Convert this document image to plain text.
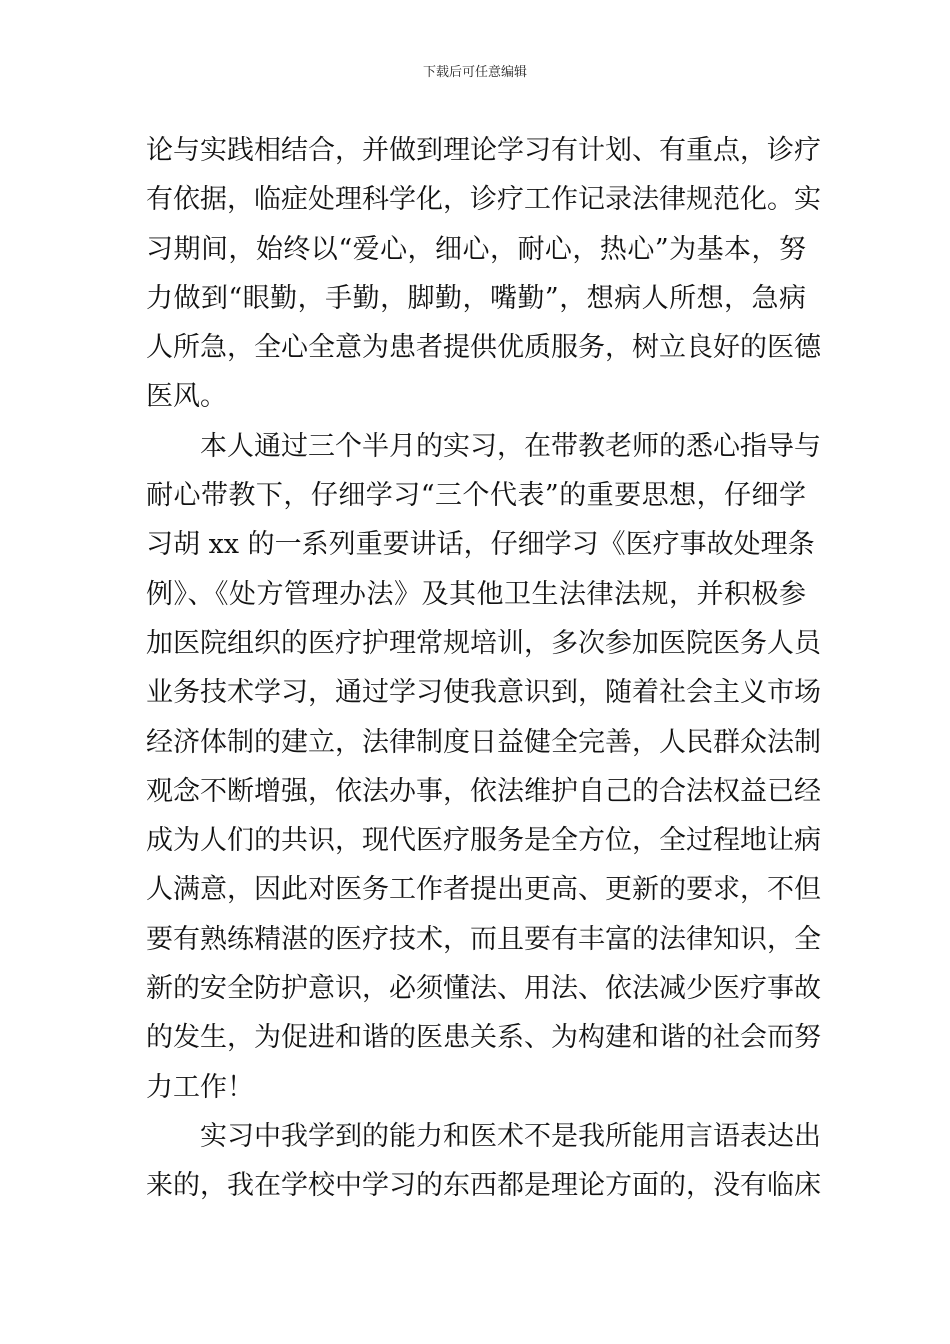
下载后可任意编辑
论与实践相结合，并做到理论学习有计划、有重点，诊疗
有依据，临症处理科学化，诊疗工作记录法律规范化。实
习期间，始终以“爱心，细心，耐心，热心”为基本，努
力做到“眼勤，手勤，脚勤，嘴勤”，想病人所想，急病
人所急，全心全意为患者提供优质服务，树立良好的医德
医风。
　　本人通过三个半月的实习，在带教老师的悉心指导与
耐心带教下，仔细学习“三个代表”的重要思想，仔细学
习胡 xx 的一系列重要讲话，仔细学习《医疗事故处理条
例》、《处方管理办法》及其他卫生法律法规，并积极参
加医院组织的医疗护理常规培训，多次参加医院医务人员
业务技术学习，通过学习使我意识到，随着社会主义市场
经济体制的建立，法律制度日益健全完善，人民群众法制
观念不断增强，依法办事，依法维护自己的合法权益已经
成为人们的共识，现代医疗服务是全方位，全过程地让病
人满意，因此对医务工作者提出更高、更新的要求，不但
要有熟练精湛的医疗技术，而且要有丰富的法律知识，全
新的安全防护意识，必须懂法、用法、依法减少医疗事故
的发生，为促进和谐的医患关系、为构建和谐的社会而努
力工作！
　　实习中我学到的能力和医术不是我所能用言语表达出
来的，我在学校中学习的东西都是理论方面的，没有临床
